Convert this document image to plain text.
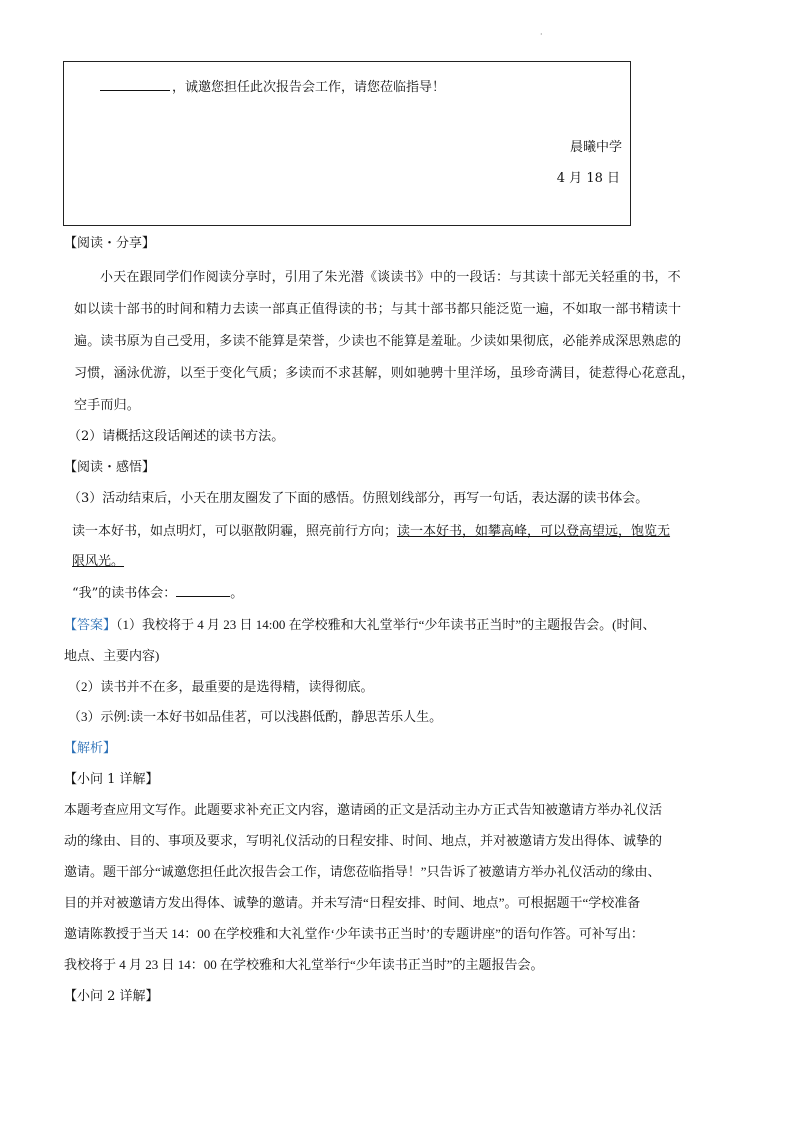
·
，诚邀您担任此次报告会工作，请您莅临指导！
晨曦中学
4 月 18 日
【阅读・分享】
小天在跟同学们作阅读分享时，引用了朱光潜《谈读书》中的一段话：与其读十部无关轻重的书，不
如以读十部书的时间和精力去读一部真正值得读的书；与其十部书都只能泛览一遍，不如取一部书精读十
遍。读书原为自己受用，多读不能算是荣誉，少读也不能算是羞耻。少读如果彻底，必能养成深思熟虑的
习惯，涵泳优游，以至于变化气质；多读而不求甚解，则如驰骋十里洋场，虽珍奇满目，徒惹得心花意乱，
空手而归。
（2）请概括这段话阐述的读书方法。
【阅读・感悟】
（3）活动结束后，小天在朋友圈发了下面的感悟。仿照划线部分，再写一句话，表达潺的读书体会。
读一本好书，如点明灯，可以驱散阴霾，照亮前行方向；读一本好书，如攀高峰，可以登高望远，饱览无
限风光。
“我”的读书体会：	。
【答案】（1）我校将于 4 月 23 日 14:00 在学校雅和大礼堂举行“少年读书正当时”的主题报告会。(时间、
地点、主要内容)
（2）读书并不在多，最重要的是选得精，读得彻底。
（3）示例:读一本好书如品佳茗，可以浅斟低酌，静思苦乐人生。
【解析】
【小问 1 详解】
本题考查应用文写作。此题要求补充正文内容，邀请函的正文是活动主办方正式告知被邀请方举办礼仪活
动的缘由、目的、事项及要求，写明礼仪活动的日程安排、时间、地点，并对被邀请方发出得体、诚挚的
邀请。题干部分“诚邀您担任此次报告会工作，请您莅临指导！”只告诉了被邀请方举办礼仪活动的缘由、
目的并对被邀请方发出得体、诚挚的邀请。并未写清“日程安排、时间、地点”。可根据题干“学校准备
邀请陈教授于当天 14：00 在学校雅和大礼堂作‘少年读书正当时’的专题讲座”的语句作答。可补写出：
我校将于 4 月 23 日 14：00 在学校雅和大礼堂举行“少年读书正当时”的主题报告会。
【小问 2 详解】
